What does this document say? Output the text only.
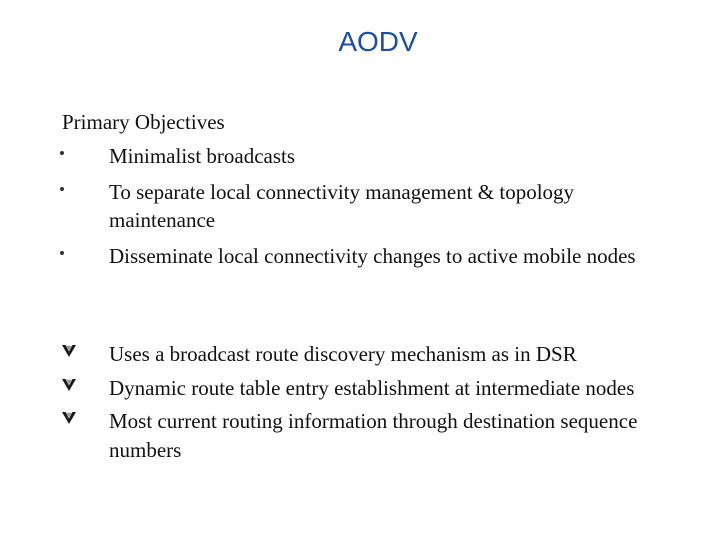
AODV
Primary Objectives
Minimalist broadcasts
To separate local connectivity management & topology maintenance
Disseminate local connectivity changes to active mobile nodes
Uses a broadcast route discovery mechanism as in DSR
Dynamic route table entry establishment at intermediate nodes
Most current routing information through destination sequence numbers
